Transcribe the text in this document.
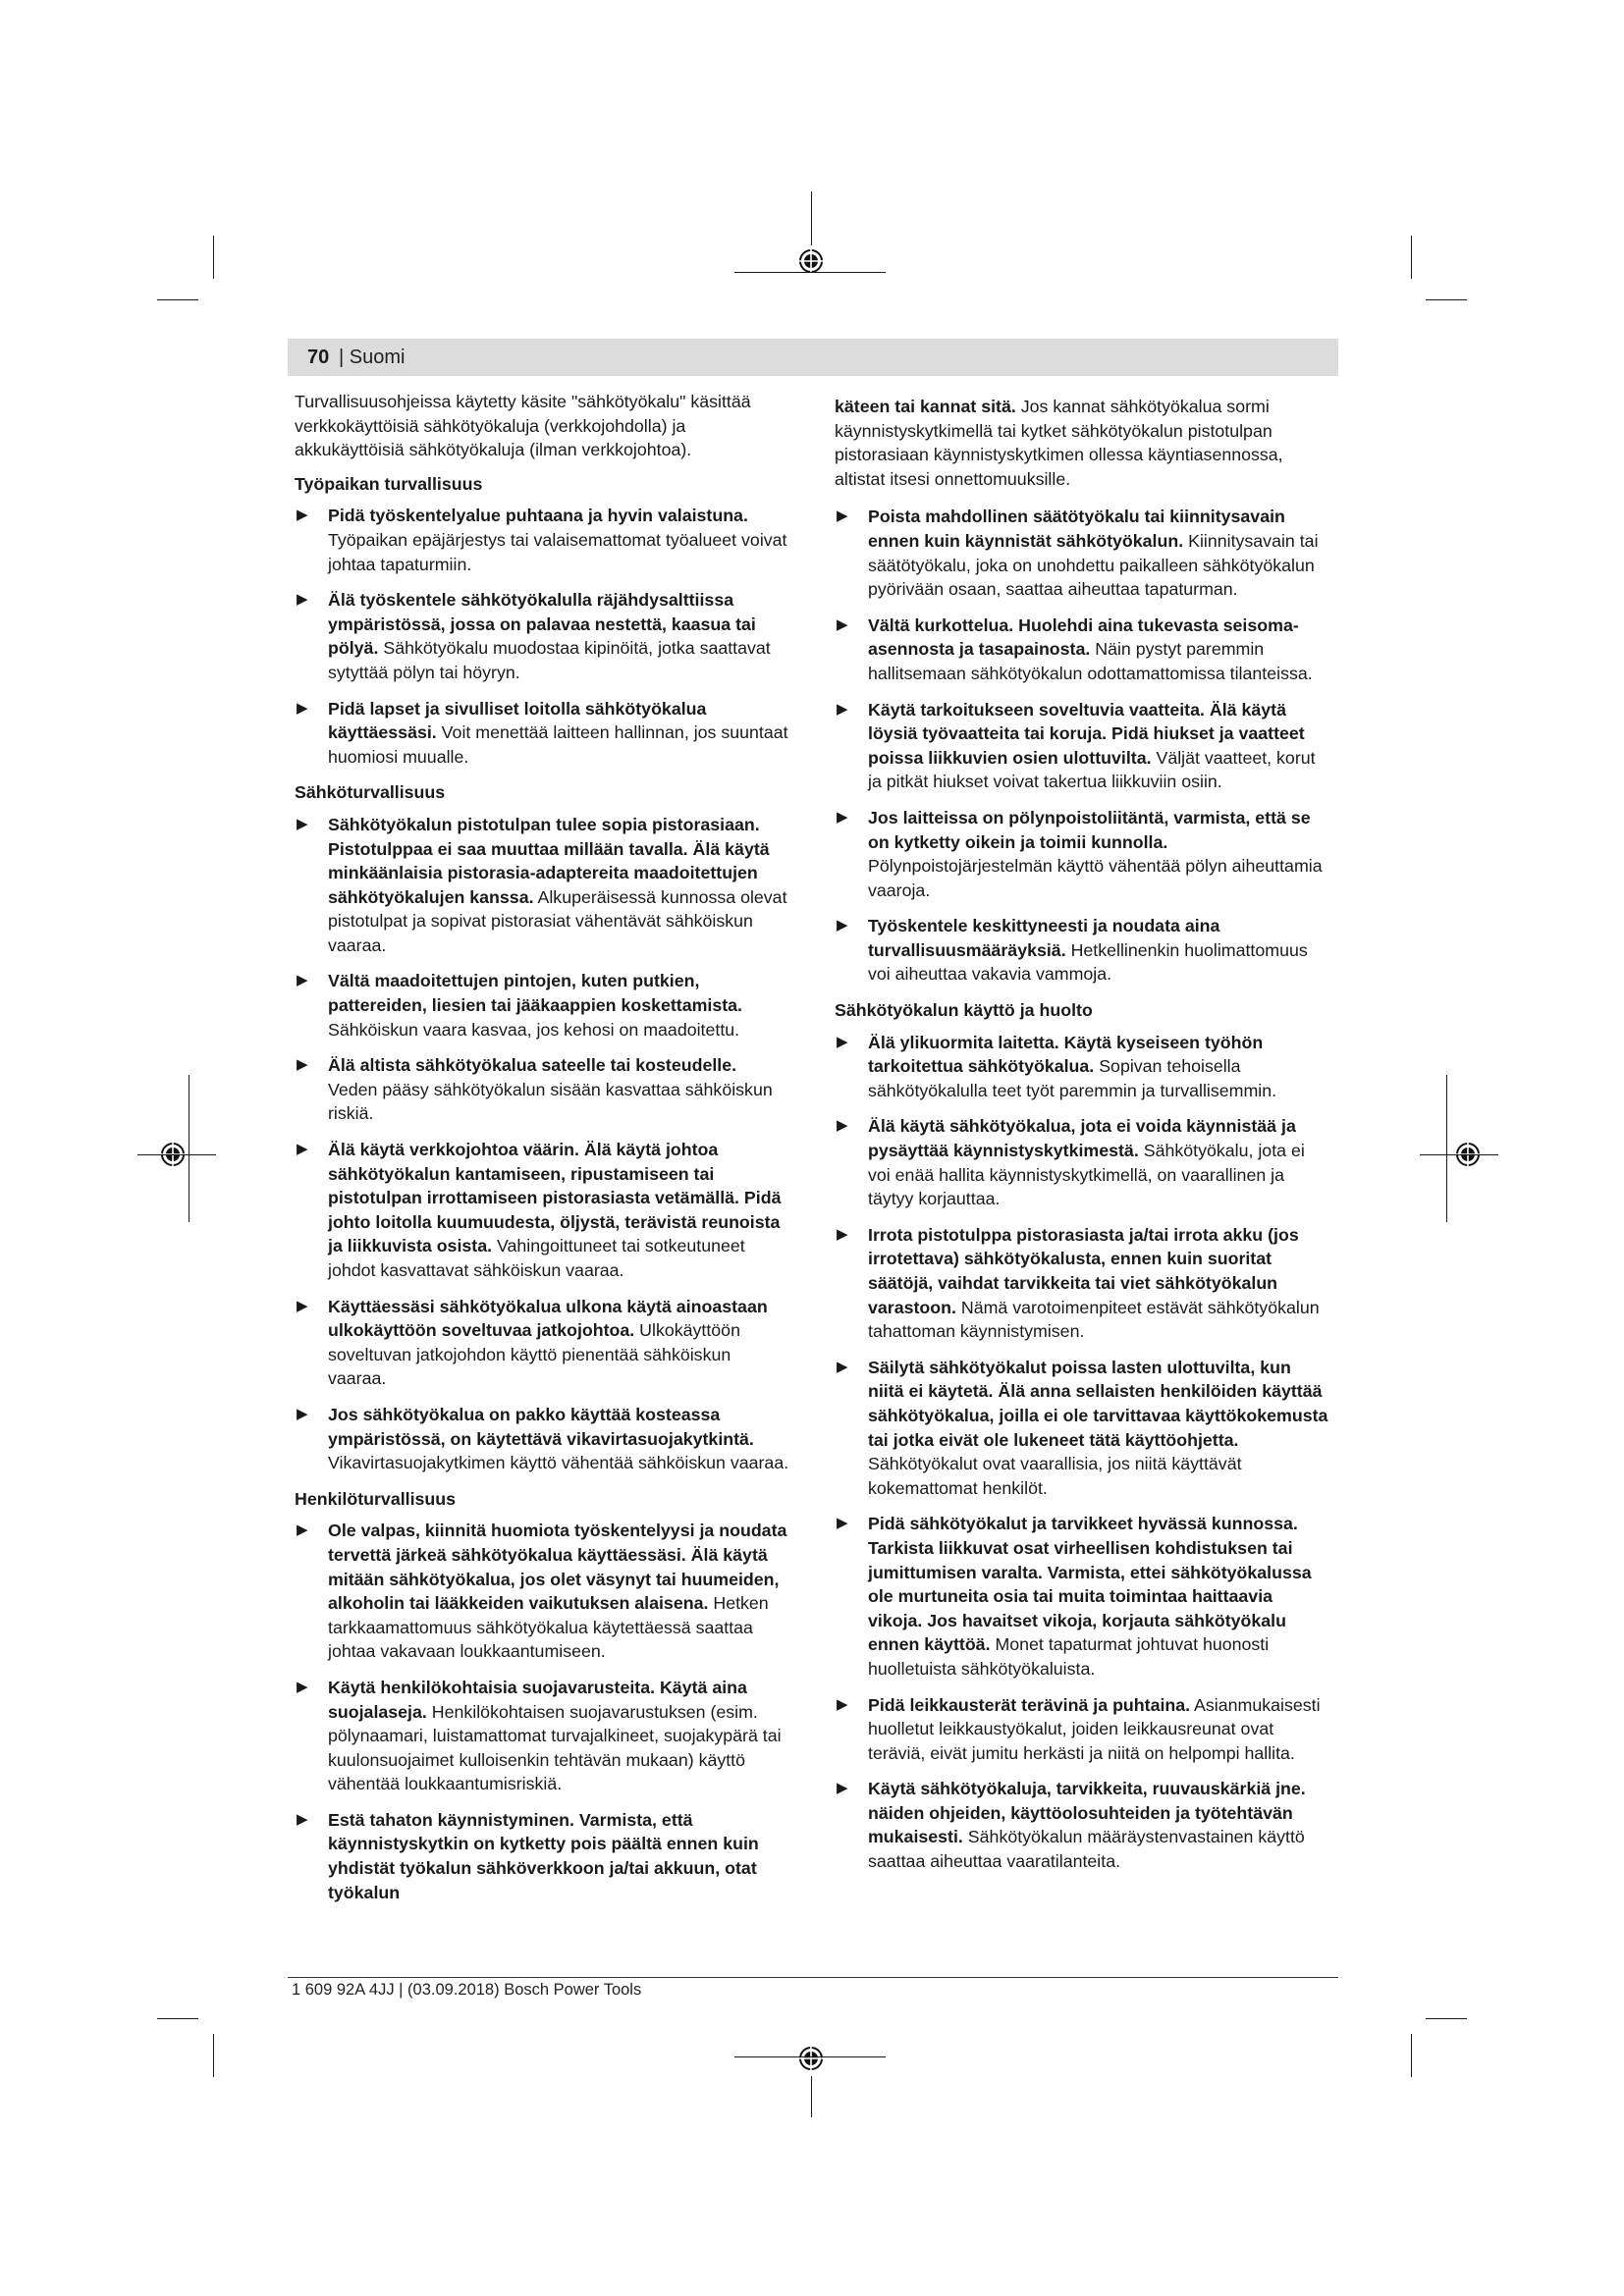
70 | Suomi

Turvallisuusohjeissa käytetty käsite "sähkötyökalu" käsittää verkkokäyttöisiä sähkötyökaluja (verkkojohdolla) ja akkukäyttöisiä sähkötyökaluja (ilman verkkojohtoa).

Työpaikan turvallisuus
▶ Pidä työskentelyalue puhtaana ja hyvin valaistuna. Työpaikan epäjärjestys tai valaisemattomat työalueet voivat johtaa tapaturmiin.
▶ Älä työskentele sähkötyökalulla räjähdysalttiissa ympäristössä, jossa on palavaa nestettä, kaasua tai pölyä. Sähkötyökalu muodostaa kipinöitä, jotka saattavat sytyttää pölyn tai höyryn.
▶ Pidä lapset ja sivulliset loitolla sähkötyökalua käyttäessäsi. Voit menettää laitteen hallinnan, jos suuntaat huomiosi muualle.
Sähköturvallisuus
▶ Sähkötyökalun pistotulpan tulee sopia pistorasiaan. Pistotulppaa ei saa muuttaa millään tavalla. Älä käytä minkäänlaisia pistorasia-adaptereita maadoitettujen sähkötyökalujen kanssa. Alkuperäisessä kunnossa olevat pistotulpat ja sopivat pistorasiat vähentävät sähköiskun vaaraa.
▶ Vältä maadoitettujen pintojen, kuten putkien, pattereiden, liesien tai jääkaappien koskettamista. Sähköiskun vaara kasvaa, jos kehosi on maadoitettu.
▶ Älä altista sähkötyökalua sateelle tai kosteudelle. Veden pääsy sähkötyökalun sisään kasvattaa sähköiskun riskiä.
▶ Älä käytä verkkojohtoa väärin. Älä käytä johtoa sähkötyökalun kantamiseen, ripustamiseen tai pistotulpan irrottamiseen pistorasiasta vetämällä. Pidä johto loitolla kuumuudesta, öljystä, terävistä reunoista ja liikkuvista osista. Vahingoittuneet tai sotkeutuneet johdot kasvattavat sähköiskun vaaraa.
▶ Käyttäessäsi sähkötyökalua ulkona käytä ainoastaan ulkokäyttöön soveltuvaa jatkojohtoa. Ulkokäyttöön soveltuvan jatkojohdon käyttö pienentää sähköiskun vaaraa.
▶ Jos sähkötyökalua on pakko käyttää kosteassa ympäristössä, on käytettävä vikavirtasuojakytkintä. Vikavirtasuojakytkimen käyttö vähentää sähköiskun vaaraa.
Henkilöturvallisuus
▶ Ole valpas, kiinnitä huomiota työskentelyysi ja noudata tervettä järkeä sähkötyökalua käyttäessäsi. Älä käytä mitään sähkötyökalua, jos olet väsynyt tai huumeiden, alkoholin tai lääkkeiden vaikutuksen alaisena. Hetken tarkkaamattomuus sähkötyökalua käytettäessä saattaa johtaa vakavaan loukkaantumiseen.
▶ Käytä henkilökohtaisia suojavarusteita. Käytä aina suojalaseja. Henkilökohtaisen suojavarustuksen (esim. pölynaamari, luistamattomat turvajalkineet, suojakypärä tai kuulonsuojaimet kulloisenkin tehtävän mukaan) käyttö vähentää loukkaantumisriskiä.
▶ Estä tahaton käynnistyminen. Varmista, että käynnistyskytkin on kytketty pois päältä ennen kuin yhdistät työkalun sähköverkkoon ja/tai akkuun, otat työkalun
käteen tai kannat sitä. Jos kannat sähkötyökalua sormi käynnistyskytkimellä tai kytket sähkötyökalun pistotulpan pistorasiaan käynnistyskytkimen ollessa käyntiasennossa, altistat itsesi onnettomuuksille.
▶ Poista mahdollinen säätötyökalu tai kiinnitysavain ennen kuin käynnistät sähkötyökalun. Kiinnitysavain tai säätötyökalu, joka on unohdettu paikalleen sähkötyökalun pyörivään osaan, saattaa aiheuttaa tapaturman.
▶ Vältä kurkottelua. Huolehdi aina tukevasta seisoma-asennosta ja tasapainosta. Näin pystyt paremmin hallitsemaan sähkötyökalun odottamattomissa tilanteissa.
▶ Käytä tarkoitukseen soveltuvia vaatteita. Älä käytä löysiä työvaatteita tai koruja. Pidä hiukset ja vaatteet poissa liikkuvien osien ulottuvilta. Väljät vaatteet, korut ja pitkät hiukset voivat takertua liikkuviin osiin.
▶ Jos laitteissa on pölynpoistoliitäntä, varmista, että se on kytketty oikein ja toimii kunnolla. Pölynpoistojärjestelmän käyttö vähentää pölyn aiheuttamia vaaroja.
▶ Työskentele keskittyneesti ja noudata aina turvallisuusmääräyksiä. Hetkellinenkin huolimattomuus voi aiheuttaa vakavia vammoja.
Sähkötyökalun käyttö ja huolto
▶ Älä ylikuormita laitetta. Käytä kyseiseen työhön tarkoitettua sähkötyökalua. Sopivan tehoisella sähkötyökalulla teet työt paremmin ja turvallisemmin.
▶ Älä käytä sähkötyökalua, jota ei voida käynnistää ja pysäyttää käynnistyskytkimestä. Sähkötyökalu, jota ei voi enää hallita käynnistyskytkimellä, on vaarallinen ja täytyy korjauttaa.
▶ Irrota pistotulppa pistorasiasta ja/tai irrota akku (jos irrotettava) sähkötyökalusta, ennen kuin suoritat säätöjä, vaihdat tarvikkeita tai viet sähkötyökalun varastoon. Nämä varotoimenpiteet estävät sähkötyökalun tahattoman käynnistymisen.
▶ Säilytä sähkötyökalut poissa lasten ulottuvilta, kun niitä ei käytetä. Älä anna sellaisten henkilöiden käyttää sähkötyökalua, joilla ei ole tarvittavaa käyttökokemusta tai jotka eivät ole lukeneet tätä käyttöohjetta. Sähkötyökalut ovat vaarallisia, jos niitä käyttävät kokemattomat henkilöt.
▶ Pidä sähkötyökalut ja tarvikkeet hyvässä kunnossa. Tarkista liikkuvat osat virheellisen kohdistuksen tai jumittumisen varalta. Varmista, ettei sähkötyökalussa ole murtuneita osia tai muita toimintaa haittaavia vikoja. Jos havaitset vikoja, korjauta sähkötyökalu ennen käyttöä. Monet tapaturmat johtuvat huonosti huolletuista sähkötyökaluista.
▶ Pidä leikkausterät terävinä ja puhtaina. Asianmukaisesti huolletut leikkaustyökalut, joiden leikkausreunat ovat teräviä, eivät jumitu herkästi ja niitä on helpompi hallita.
▶ Käytä sähkötyökaluja, tarvikkeita, ruuvauskärkiä jne. näiden ohjeiden, käyttöolosuhteiden ja työtehtävän mukaisesti. Sähkötyökalun määräystenvastainen käyttö saattaa aiheuttaa vaaratilanteita.
1 609 92A 4JJ | (03.09.2018) Bosch Power Tools
